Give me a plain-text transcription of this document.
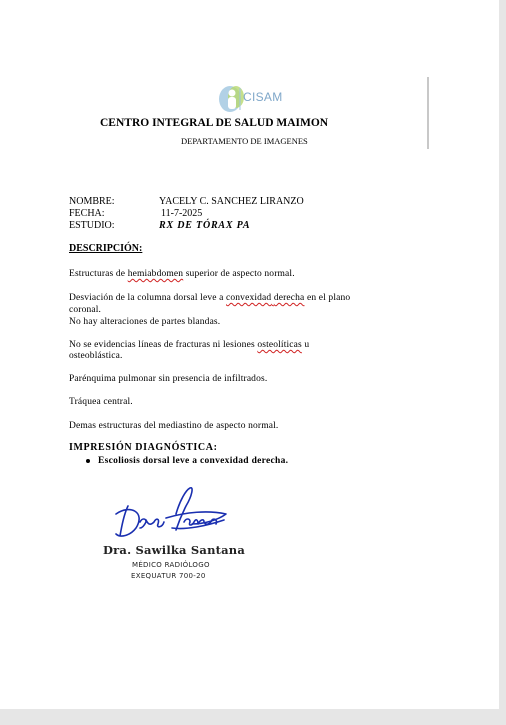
CISAM
CENTRO INTEGRAL DE SALUD MAIMON
DEPARTAMENTO DE IMAGENES
NOMBRE:	YACELY C. SANCHEZ LIRANZO
FECHA:	11-7-2025
ESTUDIO:	RX DE TÓRAX PA
DESCRIPCIÓN:
Estructuras de hemiabdomen superior de aspecto normal.
Desviación de la columna dorsal leve a convexidad derecha en el plano
coronal.
No hay alteraciones de partes blandas.
No se evidencias líneas de fracturas ni lesiones osteolíticas u
osteoblástica.
Parénquima pulmonar sin presencia de infiltrados.
Tráquea central.
Demas estructuras del mediastino de aspecto normal.
IMPRESIÓN DIAGNÓSTICA:
Escoliosis dorsal leve a convexidad derecha.
Dra. Sawilka Santana
MÉDICO RADIÓLOGO
EXEQUATUR 700-20
